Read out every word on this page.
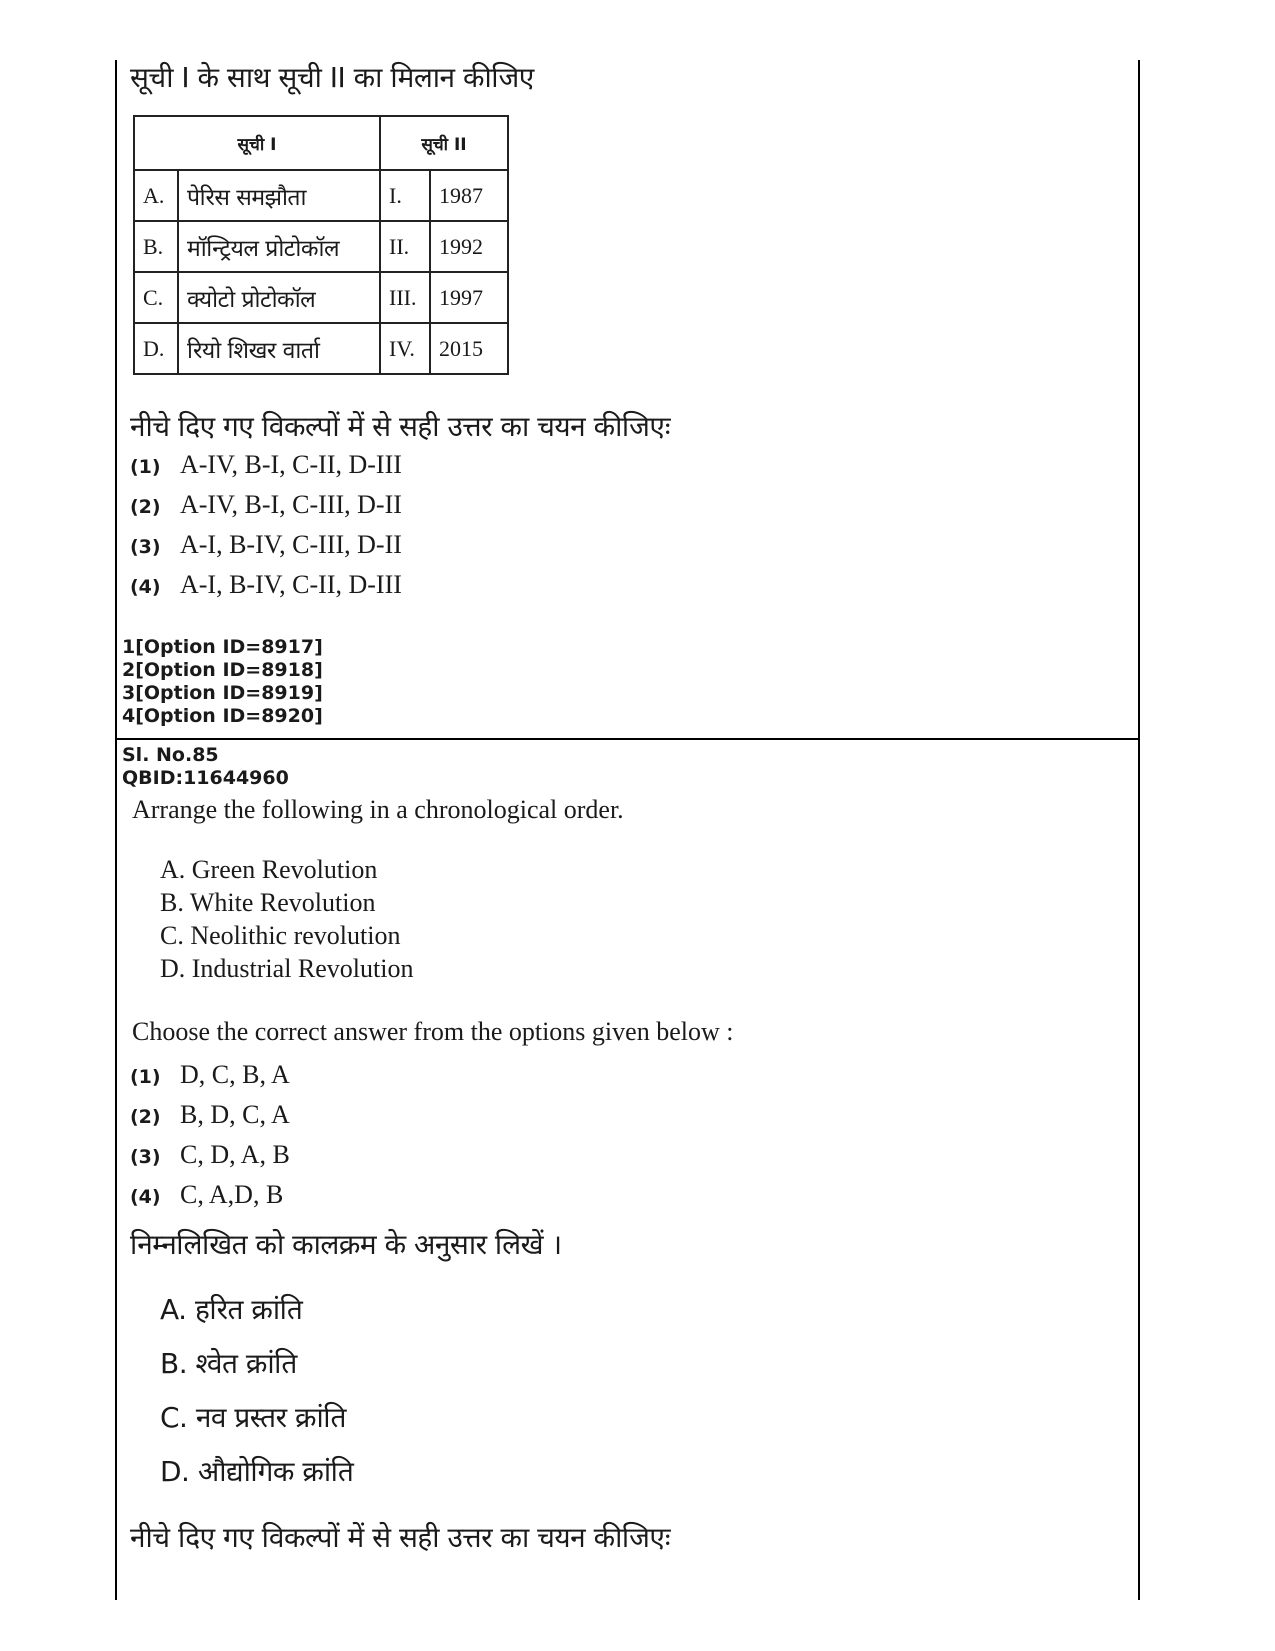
सूची I के साथ सूची II का मिलान कीजिए
सूची I		सूची II	
A.	पेरिस समझौता	I.	1987
B.	मॉन्ट्रियल प्रोटोकॉल	II.	1992
C.	क्योटो प्रोटोकॉल	III.	1997
D.	रियो शिखर वार्ता	IV.	2015
नीचे दिए गए विकल्पों में से सही उत्तर का चयन कीजिएः
(1) A-IV, B-I, C-II, D-III
(2) A-IV, B-I, C-III, D-II
(3) A-I, B-IV, C-III, D-II
(4) A-I, B-IV, C-II, D-III
1[Option ID=8917]
2[Option ID=8918]
3[Option ID=8919]
4[Option ID=8920]
Sl. No.85
QBID:11644960
Arrange the following in a chronological order.
A. Green Revolution
B. White Revolution
C. Neolithic revolution
D. Industrial Revolution
Choose the correct answer from the options given below :
(1) D, C, B, A
(2) B, D, C, A
(3) C, D, A, B
(4) C, A,D, B
निम्नलिखित को कालक्रम के अनुसार लिखें ।
A. हरित क्रांति
B. श्वेत क्रांति
C. नव प्रस्तर क्रांति
D. औद्योगिक क्रांति
नीचे दिए गए विकल्पों में से सही उत्तर का चयन कीजिएः
